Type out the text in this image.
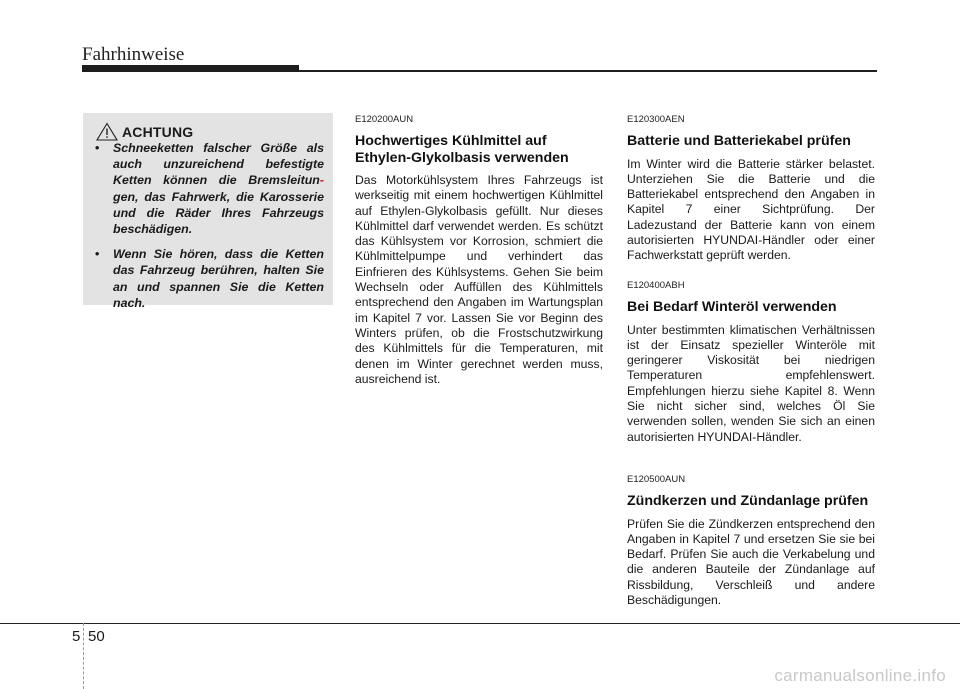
Fahrhinweise
ACHTUNG
• Schneeketten falscher Größe als auch unzureichend befestigte Ketten können die Bremsleitun-gen, das Fahrwerk, die Karosserie und die Räder Ihres Fahrzeugs beschädigen.
• Wenn Sie hören, dass die Ketten das Fahrzeug berühren, halten Sie an und spannen Sie die Ketten nach.

E120200AUN

Hochwertiges Kühlmittel auf Ethylen-Glykolbasis verwenden

Das Motorkühlsystem Ihres Fahrzeugs ist werkseitig mit einem hochwertigen Kühlmittel auf Ethylen-Glykolbasis gefüllt. Nur dieses Kühlmittel darf verwendet werden. Es schützt das Kühlsystem vor Korrosion, schmiert die Kühlmittelpumpe und verhindert das Einfrieren des Kühlsystems. Gehen Sie beim Wechseln oder Auffüllen des Kühlmittels entsprechend den Angaben im Wartungsplan im Kapitel 7 vor. Lassen Sie vor Beginn des Winters prüfen, ob die Frostschutzwirkung des Kühlmittels für die Temperaturen, mit denen im Winter gerechnet werden muss, ausreichend ist.

E120300AEN

Batterie und Batteriekabel prüfen

Im Winter wird die Batterie stärker belastet. Unterziehen Sie die Batterie und die Batteriekabel entsprechend den Angaben in Kapitel 7 einer Sichtprüfung. Der Ladezustand der Batterie kann von einem autorisierten HYUNDAI-Händler oder einer Fachwerkstatt geprüft werden.

E120400ABH

Bei Bedarf Winteröl verwenden

Unter bestimmten klimatischen Verhältnissen ist der Einsatz spezieller Winteröle mit geringerer Viskosität bei niedrigen Temperaturen empfehlenswert. Empfehlungen hierzu siehe Kapitel 8. Wenn Sie nicht sicher sind, welches Öl Sie verwenden sollen, wenden Sie sich an einen autorisierten HYUNDAI-Händler.

E120500AUN

Zündkerzen und Zündanlage prüfen

Prüfen Sie die Zündkerzen entsprechend den Angaben in Kapitel 7 und ersetzen Sie sie bei Bedarf. Prüfen Sie auch die Verkabelung und die anderen Bauteile der Zündanlage auf Rissbildung, Verschleiß und andere Beschädigungen.

5 50
carmanualsonline.info
